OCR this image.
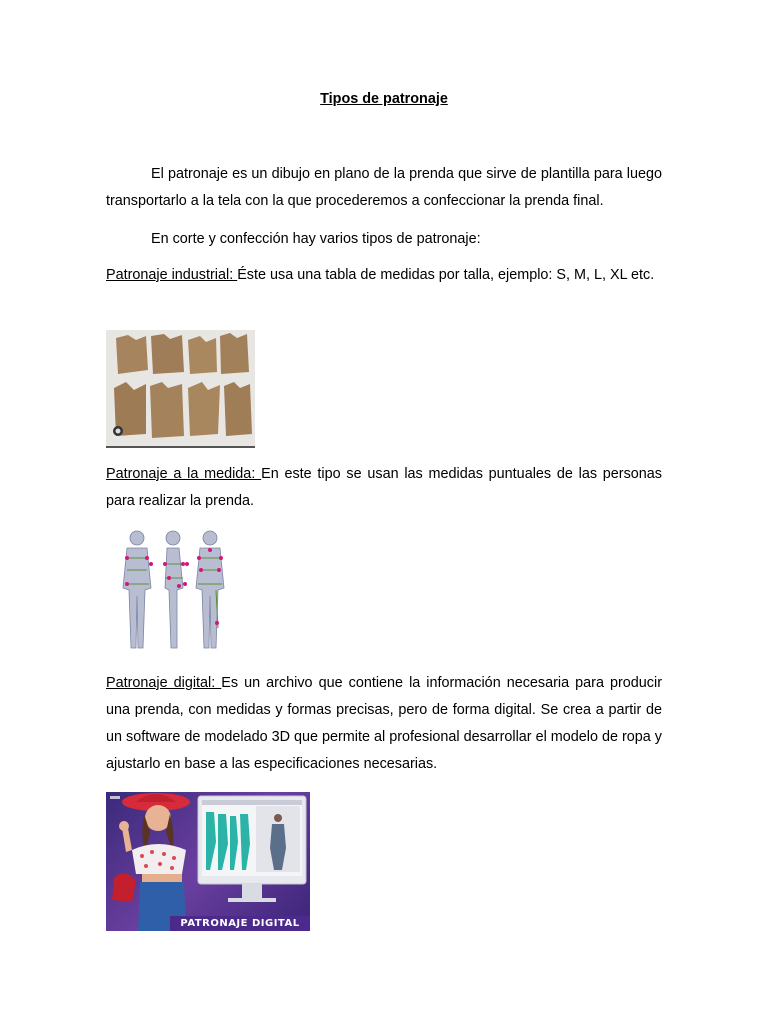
Tipos de patronaje

El patronaje es un dibujo en plano de la prenda que sirve de plantilla para luego transportarlo a la tela con la que procederemos a confeccionar la prenda final.

En corte y confección hay varios tipos de patronaje:

Patronaje industrial: Éste usa una tabla de medidas por talla, ejemplo: S, M, L, XL etc.

Patronaje a la medida: En este tipo se usan las medidas puntuales de las personas para realizar la prenda.

Patronaje digital: Es un archivo que contiene la información necesaria para producir una prenda, con medidas y formas precisas, pero de forma digital. Se crea a partir de un software de modelado 3D que permite al profesional desarrollar el modelo de ropa y ajustarlo en base a las especificaciones necesarias.

PATRONAJE DIGITAL
